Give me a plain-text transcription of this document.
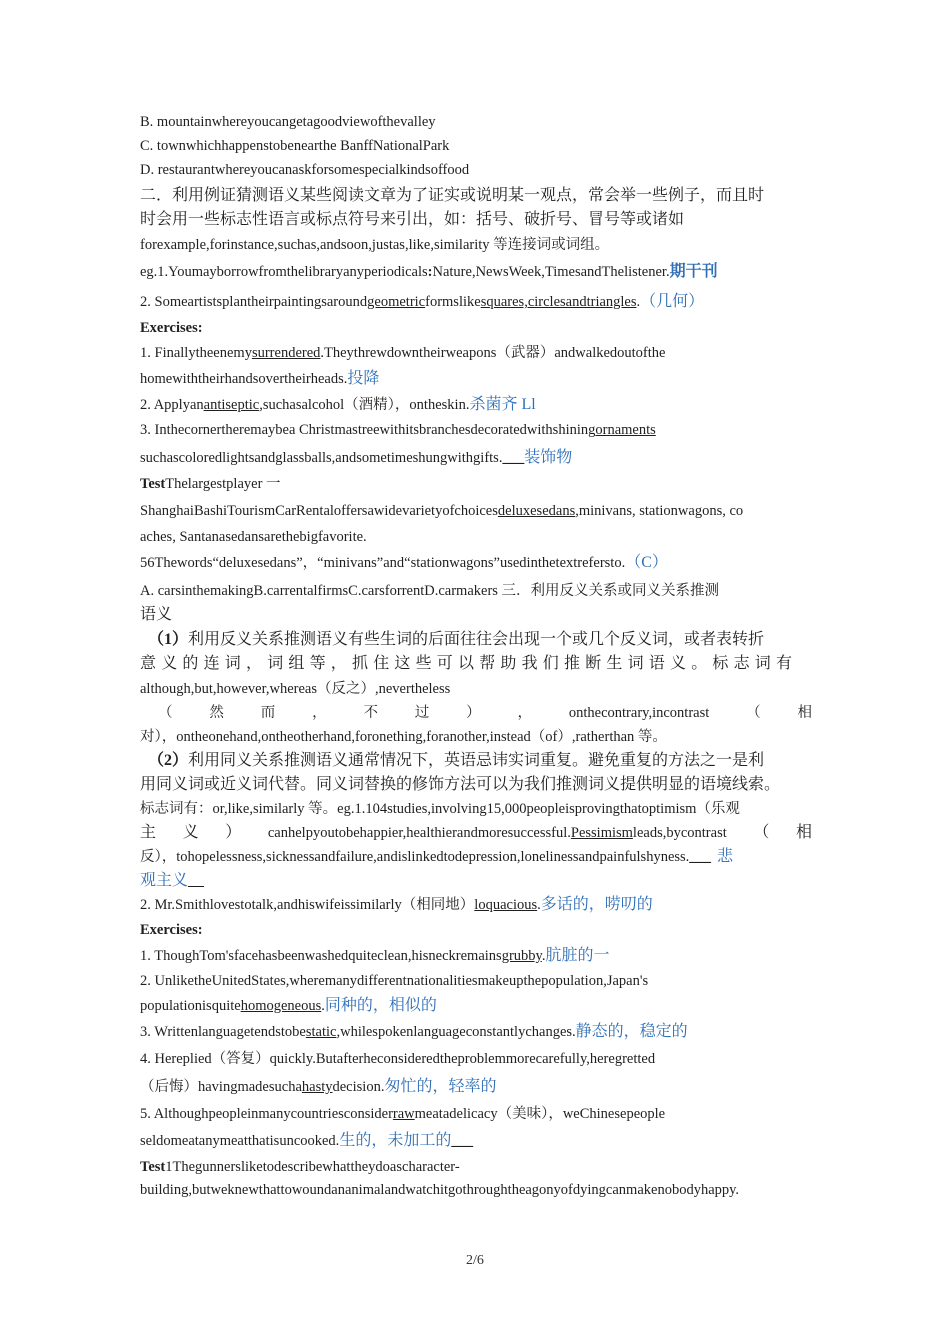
B. mountainwhereyoucangetagoodviewofthevalley
C. townwhichhappenstobenearthe BanffNationalPark
D. restaurantwhereyoucanaskforsomespecialkindsoffood
二．利用例证猜测语义某些阅读文章为了证实或说明某一观点，常会举一些例子，而且时
时会用一些标志性语言或标点符号来引出，如：括号、破折号、冒号等或诸如
forexample,forinstance,suchas,andsoon,justas,like,similarity 等连接词或词组。
eg.1.Youmayborrowfromthelibraryanyperiodicals:Nature,NewsWeek,TimesandThelistener.期干刊
2. Someartistsplantheirpaintingsaroundgeometricformslikesquares,circlesandtriangles.（几何）
Exercises:
1. Finallytheenemysurrendered.Theythrewdowntheirweapons（武器）andwalkedoutofthe
homewiththeirhandsovertheirheads.投降
2. Applyanantiseptic,suchasalcohol（酒精），ontheskin.杀菌齐 Ll
3. Inthecornertheremaybea Christmastreewithitsbranchesdecoratedwithshiningornaments
suchascoloredlightsandglassballs,andsometimeshungwithgifts.___装饰物
TestThelargestplayer 一
ShanghaiBashiTourismCarRentaloffersawidevarietyofchoicesdeluxesedans,minivans, stationwagons, co
aches, Santanasedansarethebigfavorite.
56Thewords“deluxesedans”，“minivans”and“stationwagons”usedinthetextrefersto.（C）
A. carsinthemakingB.carrentalfirmsC.carsforrentD.carmakers 三．利用反义关系或同义关系推测
语义
（1）利用反义关系推测语义有些生词的后面往往会出现一个或几个反义词，或者表转折
意义的连词，词组等，抓住这些可以帮助我们推断生词语义。标志词有
although,but,however,whereas（反之）,nevertheless
（	然	而	，	不	过	）	，	onthecontrary,incontrast	（	相
对），ontheonehand,ontheotherhand,foronething,foranother,instead（of）,ratherthan 等。
（2）利用同义关系推测语义通常情况下，英语忌讳实词重复。避免重复的方法之一是利
用同义词或近义词代替。同义词替换的修饰方法可以为我们推测词义提供明显的语境线索。
标志词有：or,like,similarly 等。eg.1.104studies,involving15,000peopleisprovingthatoptimism（乐观
主 义 ） canhelpyoutobehappier,healthierandmoresuccessful.Pessimismleads,bycontrast （ 相
反），tohopelessness,sicknessandfailure,andislinkedtodepression,lonelinessandpainfulshyness.___ 悲
观主义__
2. Mr.Smithlovestotalk,andhiswifeissimilarly（相同地）loquacious.多话的，唠叨的
Exercises:
1. ThoughTom'sfacehasbeenwashedquiteclean,hisneckremainsgrubby.肮脏的一
2. UnliketheUnitedStates,wheremanydifferentnationalitiesmakeupthepopulation,Japan's
populationisquitehomogeneous.同种的，相似的
3. Writtenlanguagetendstobestatic,whilespokenlanguageconstantlychanges.静态的，稳定的
4. Hereplied（答复）quickly.Butafterheconsideredtheproblemmorecarefully,heregretted
（后悔）havingmadesuchahastydecision.匆忙的，轻率的
5. Althoughpeopleinmanycountriesconsiderrawmeatadelicacy（美味），weChinesepeople
seldomeatanymeatthatisuncooked.生的，未加工的___
Test1Thegunnersliketodescribewhattheydoascharacter-
building,butweknewthattowoundananimalandwatchitgothroughtheagonyofdyingcanmakenobodyhappy.
2/6
